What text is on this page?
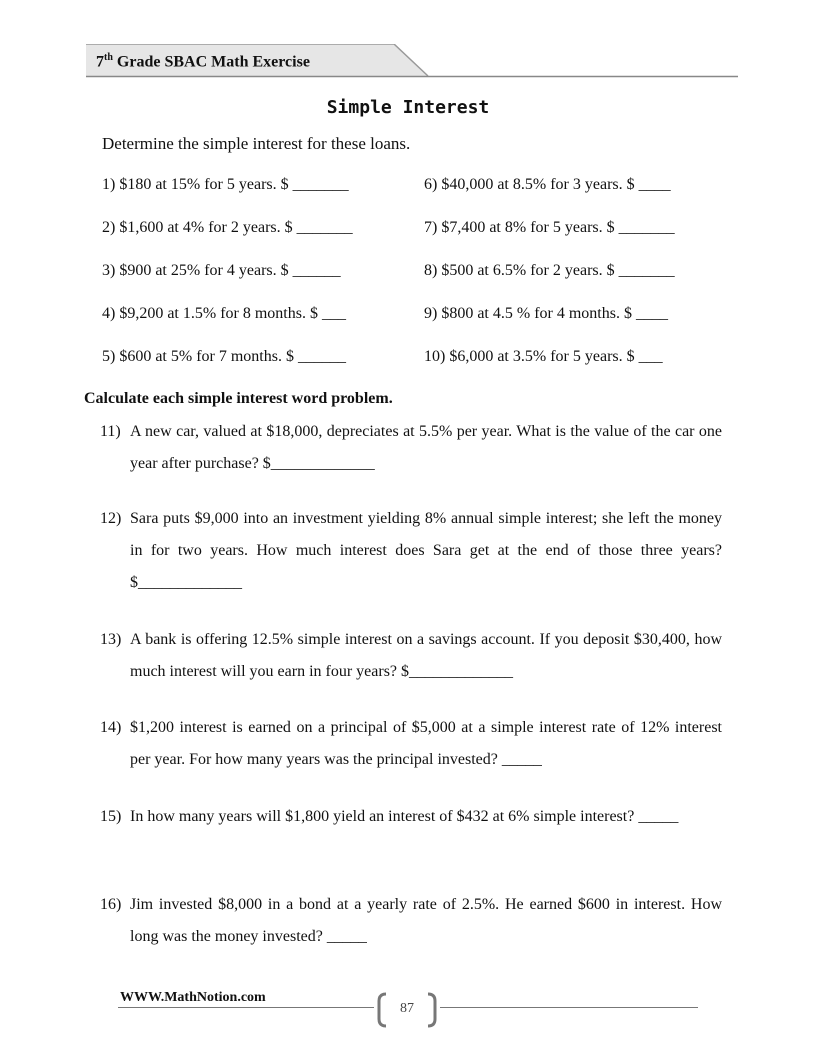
7th Grade SBAC Math Exercise
Simple Interest
Determine the simple interest for these loans.
1) $180 at 15% for 5 years. $ _______
2) $1,600 at 4% for 2 years. $ _______
3) $900 at 25% for 4 years. $ ______
4) $9,200 at 1.5% for 8 months. $ ___
5) $600 at 5% for 7 months. $ ______
6) $40,000 at 8.5% for 3 years. $ ____
7) $7,400 at 8% for 5 years. $ _______
8) $500 at 6.5% for 2 years. $ _______
9) $800 at 4.5 % for 4 months. $ ____
10) $6,000 at 3.5% for 5 years. $ ___
Calculate each simple interest word problem.
11) A new car, valued at $18,000, depreciates at 5.5% per year. What is the value of the car one year after purchase? $_____________
12) Sara puts $9,000 into an investment yielding 8% annual simple interest; she left the money in for two years. How much interest does Sara get at the end of those three years? $_____________
13) A bank is offering 12.5% simple interest on a savings account. If you deposit $30,400, how much interest will you earn in four years? $_____________
14) $1,200 interest is earned on a principal of $5,000 at a simple interest rate of 12% interest per year. For how many years was the principal invested? _____
15) In how many years will $1,800 yield an interest of $432 at 6% simple interest? _____
16) Jim invested $8,000 in a bond at a yearly rate of 2.5%. He earned $600 in interest. How long was the money invested? _____
WWW.MathNotion.com
87
